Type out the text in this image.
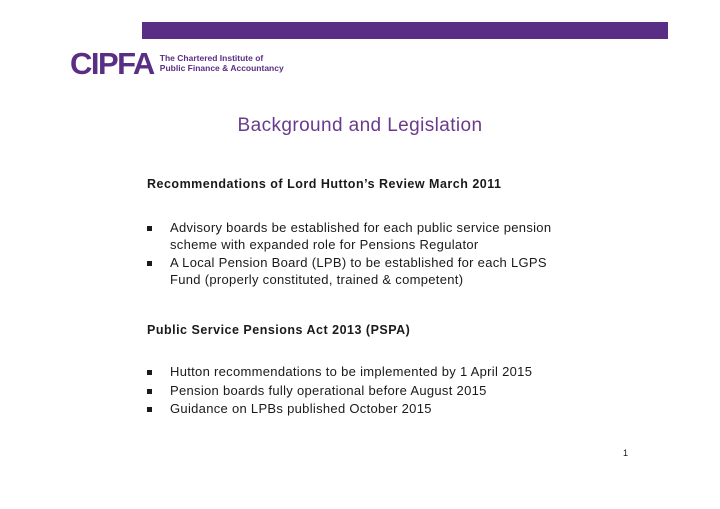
CIPFA The Chartered Institute of
Public Finance & Accountancy
Background and Legislation
Recommendations of Lord Hutton’s Review March 2011
Advisory boards be established for each public service pension scheme with expanded role for Pensions Regulator
A Local Pension Board (LPB) to be established for each LGPS Fund (properly constituted, trained & competent)
Public Service Pensions Act 2013 (PSPA)
Hutton recommendations to be implemented by 1 April 2015
Pension boards fully operational before August 2015
Guidance on LPBs published October 2015
1
